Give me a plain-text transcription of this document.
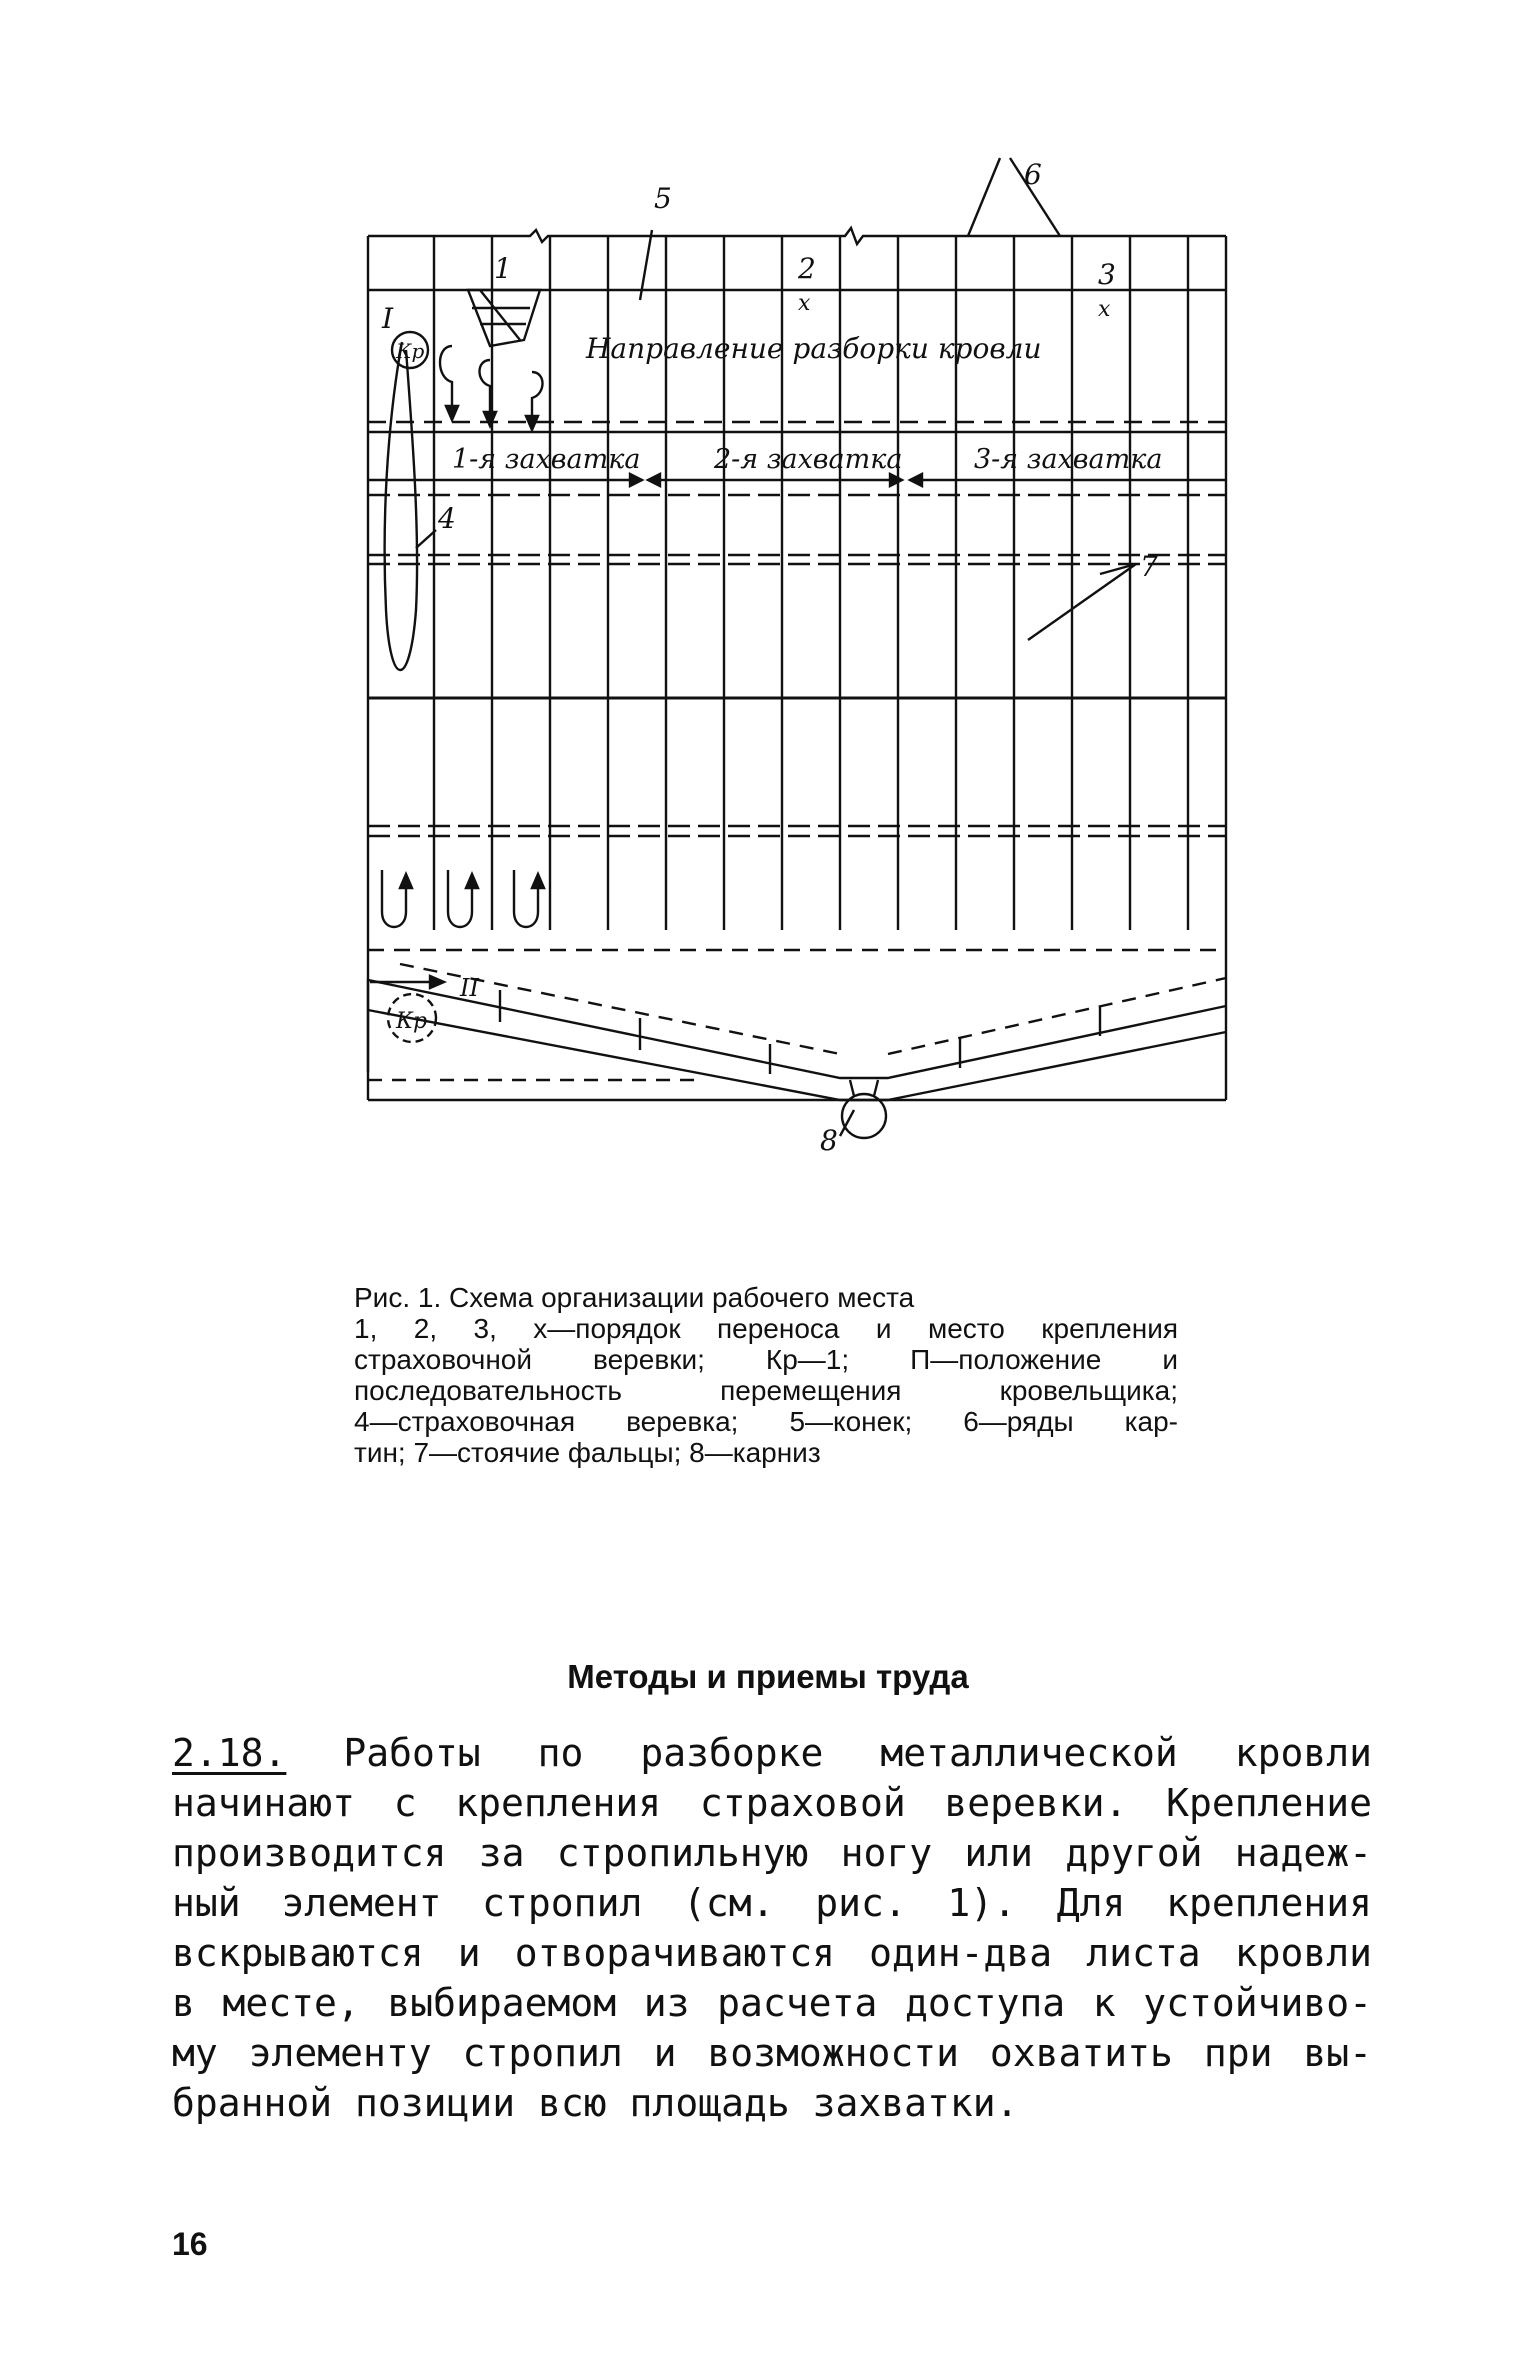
5
6
1	2
x
3
x
I
Кр	Направление разборки кровли
1-я захватка	2-я захватка	3-я захватка
7
4
II
Кр
8
Рис. 1. Схема организации рабочего места
1, 2, 3, х—порядок переноса и место крепления
страховочной веревки; Кр—1; П—положение и
последовательность перемещения кровельщика;
4—страховочная веревка; 5—конек; 6—ряды кар-
тин; 7—стоячие фальцы; 8—карниз
Методы и приемы труда
2.18. Работы по разборке металлической кровли
начинают с крепления страховой веревки. Крепление
производится за стропильную ногу или другой надеж-
ный элемент стропил (см. рис. 1). Для крепления
вскрываются и отворачиваются один-два листа кровли
в месте, выбираемом из расчета доступа к устойчиво-
му элементу стропил и возможности охватить при вы-
бранной позиции всю площадь захватки.
16
